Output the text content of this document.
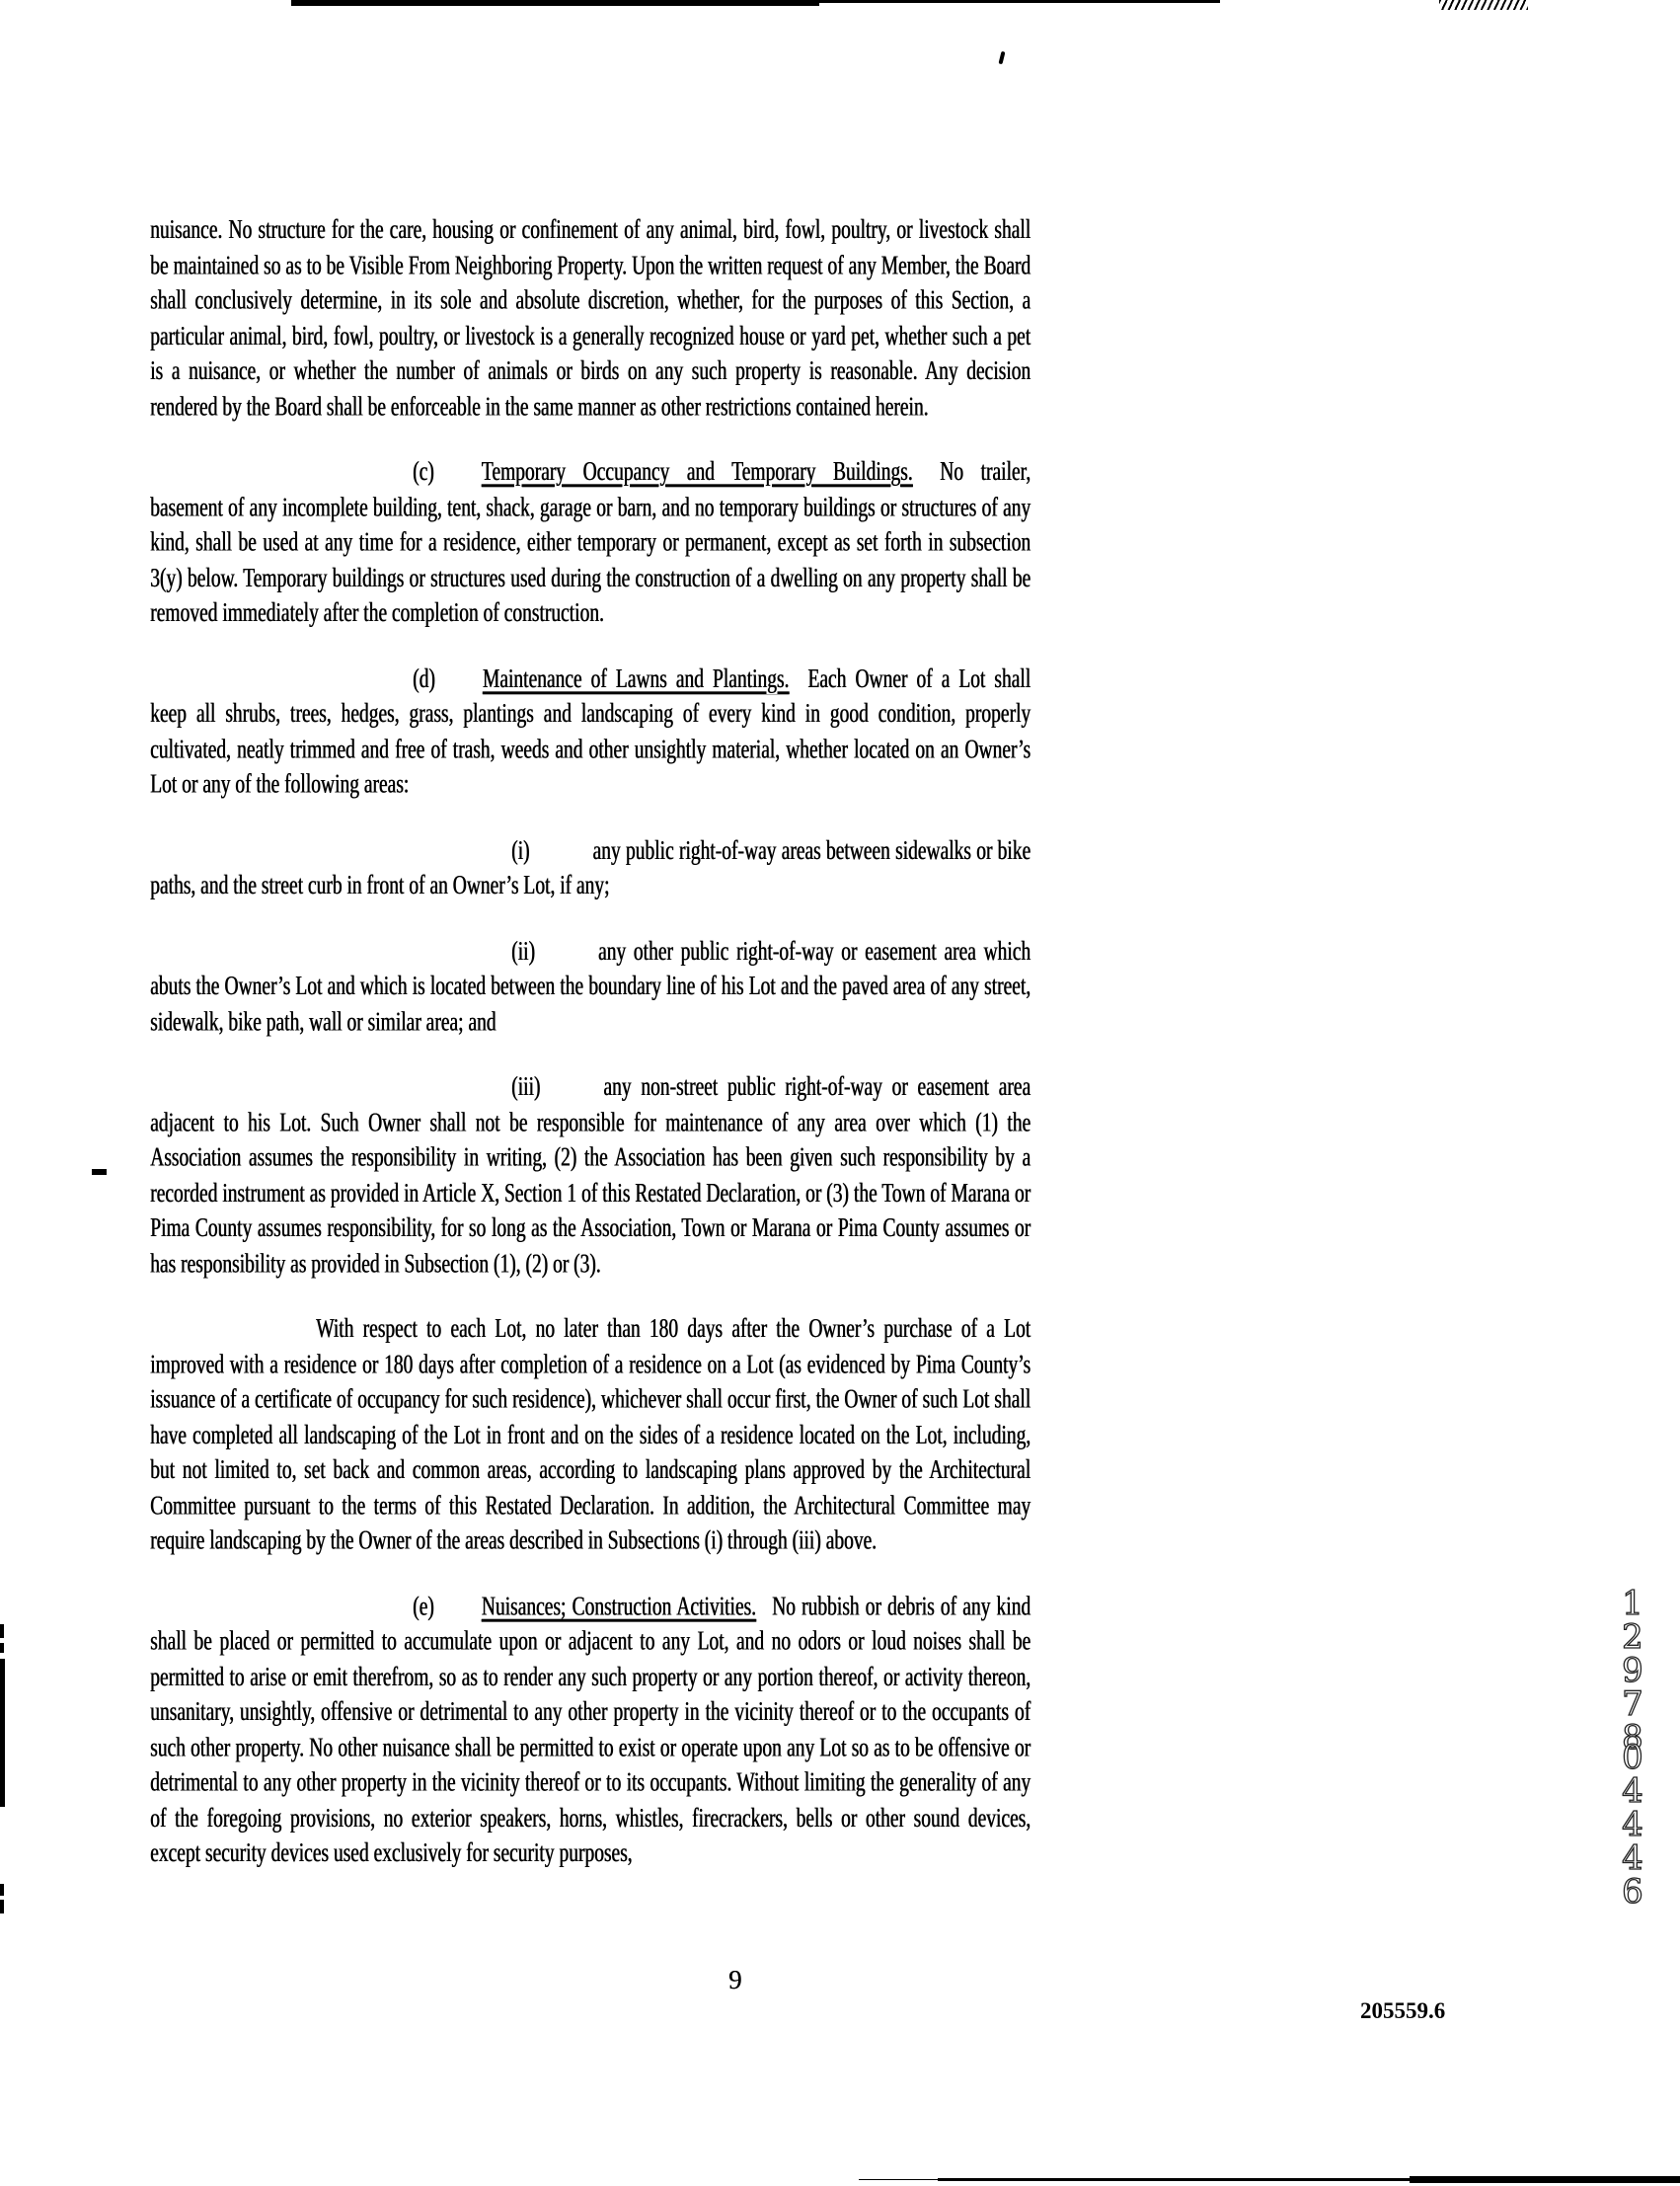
nuisance. No structure for the care, housing or confinement of any animal, bird, fowl, poultry, or livestock shall be maintained so as to be Visible From Neighboring Property. Upon the written request of any Member, the Board shall conclusively determine, in its sole and absolute discretion, whether, for the purposes of this Section, a particular animal, bird, fowl, poultry, or livestock is a generally recognized house or yard pet, whether such a pet is a nuisance, or whether the number of animals or birds on any such property is reasonable. Any decision rendered by the Board shall be enforceable in the same manner as other restrictions contained herein.

(c) Temporary Occupancy and Temporary Buildings. No trailer, basement of any incomplete building, tent, shack, garage or barn, and no temporary buildings or structures of any kind, shall be used at any time for a residence, either temporary or permanent, except as set forth in subsection 3(y) below. Temporary buildings or structures used during the construction of a dwelling on any property shall be removed immediately after the completion of construction.

(d) Maintenance of Lawns and Plantings. Each Owner of a Lot shall keep all shrubs, trees, hedges, grass, plantings and landscaping of every kind in good condition, properly cultivated, neatly trimmed and free of trash, weeds and other unsightly material, whether located on an Owner’s Lot or any of the following areas:

(i)	any public right-of-way areas between sidewalks or bike paths, and the street curb in front of an Owner’s Lot, if any;

(ii)	any other public right-of-way or easement area which abuts the Owner’s Lot and which is located between the boundary line of his Lot and the paved area of any street, sidewalk, bike path, wall or similar area; and

(iii)	any non-street public right-of-way or easement area adjacent to his Lot. Such Owner shall not be responsible for maintenance of any area over which (1) the Association assumes the responsibility in writing, (2) the Association has been given such responsibility by a recorded instrument as provided in Article X, Section 1 of this Restated Declaration, or (3) the Town of Marana or Pima County assumes responsibility, for so long as the Association, Town or Marana or Pima County assumes or has responsibility as provided in Subsection (1), (2) or (3).

With respect to each Lot, no later than 180 days after the Owner’s purchase of a Lot improved with a residence or 180 days after completion of a residence on a Lot (as evidenced by Pima County’s issuance of a certificate of occupancy for such residence), whichever shall occur first, the Owner of such Lot shall have completed all landscaping of the Lot in front and on the sides of a residence located on the Lot, including, but not limited to, set back and common areas, according to landscaping plans approved by the Architectural Committee pursuant to the terms of this Restated Declaration. In addition, the Architectural Committee may require landscaping by the Owner of the areas described in Subsections (i) through (iii) above.

(e) Nuisances; Construction Activities. No rubbish or debris of any kind shall be placed or permitted to accumulate upon or adjacent to any Lot, and no odors or loud noises shall be permitted to arise or emit therefrom, so as to render any such property or any portion thereof, or activity thereon, unsanitary, unsightly, offensive or detrimental to any other property in the vicinity thereof or to the occupants of such other property. No other nuisance shall be permitted to exist or operate upon any Lot so as to be offensive or detrimental to any other property in the vicinity thereof or to its occupants. Without limiting the generality of any of the foregoing provisions, no exterior speakers, horns, whistles, firecrackers, bells or other sound devices, except security devices used exclusively for security purposes,

12978
04446
9
205559.6
